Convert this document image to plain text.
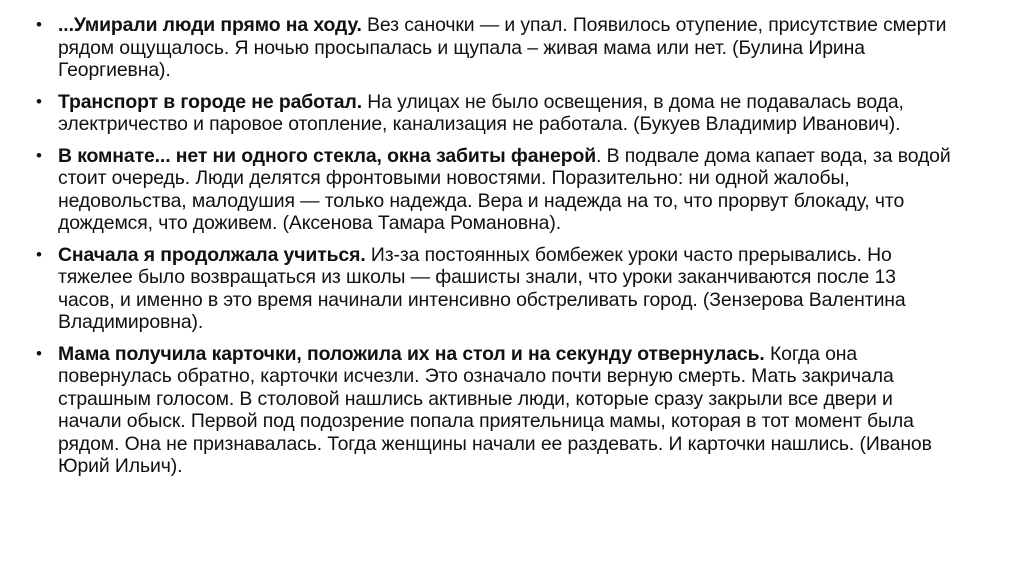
• ...Умирали люди прямо на ходу. Вез саночки — и упал. Появилось отупение, присутствие смерти рядом ощущалось. Я ночью просыпалась и щупала – живая мама или нет. (Булина Ирина Георгиевна).
• Транспорт в городе не работал. На улицах не было освещения, в дома не подавалась вода, электричество и паровое отопление, канализация не работала. (Букуев Владимир Иванович).
• В комнате... нет ни одного стекла, окна забиты фанерой. В подвале дома капает вода, за водой стоит очередь. Люди делятся фронтовыми новостями. Поразительно: ни одной жалобы, недовольства, малодушия — только надежда. Вера и надежда на то, что прорвут блокаду, что дождемся, что доживем. (Аксенова Тамара Романовна).
• Сначала я продолжала учиться. Из-за постоянных бомбежек уроки часто прерывались. Но тяжелее было возвращаться из школы — фашисты знали, что уроки заканчиваются после 13 часов, и именно в это время начинали интенсивно обстреливать город. (Зензерова Валентина Владимировна).
• Мама получила карточки, положила их на стол и на секунду отвернулась. Когда она повернулась обратно, карточки исчезли. Это означало почти верную смерть. Мать закричала страшным голосом. В столовой нашлись активные люди, которые сразу закрыли все двери и начали обыск. Первой под подозрение попала приятельница мамы, которая в тот момент была рядом. Она не признавалась. Тогда женщины начали ее раздевать. И карточки нашлись. (Иванов Юрий Ильич).
